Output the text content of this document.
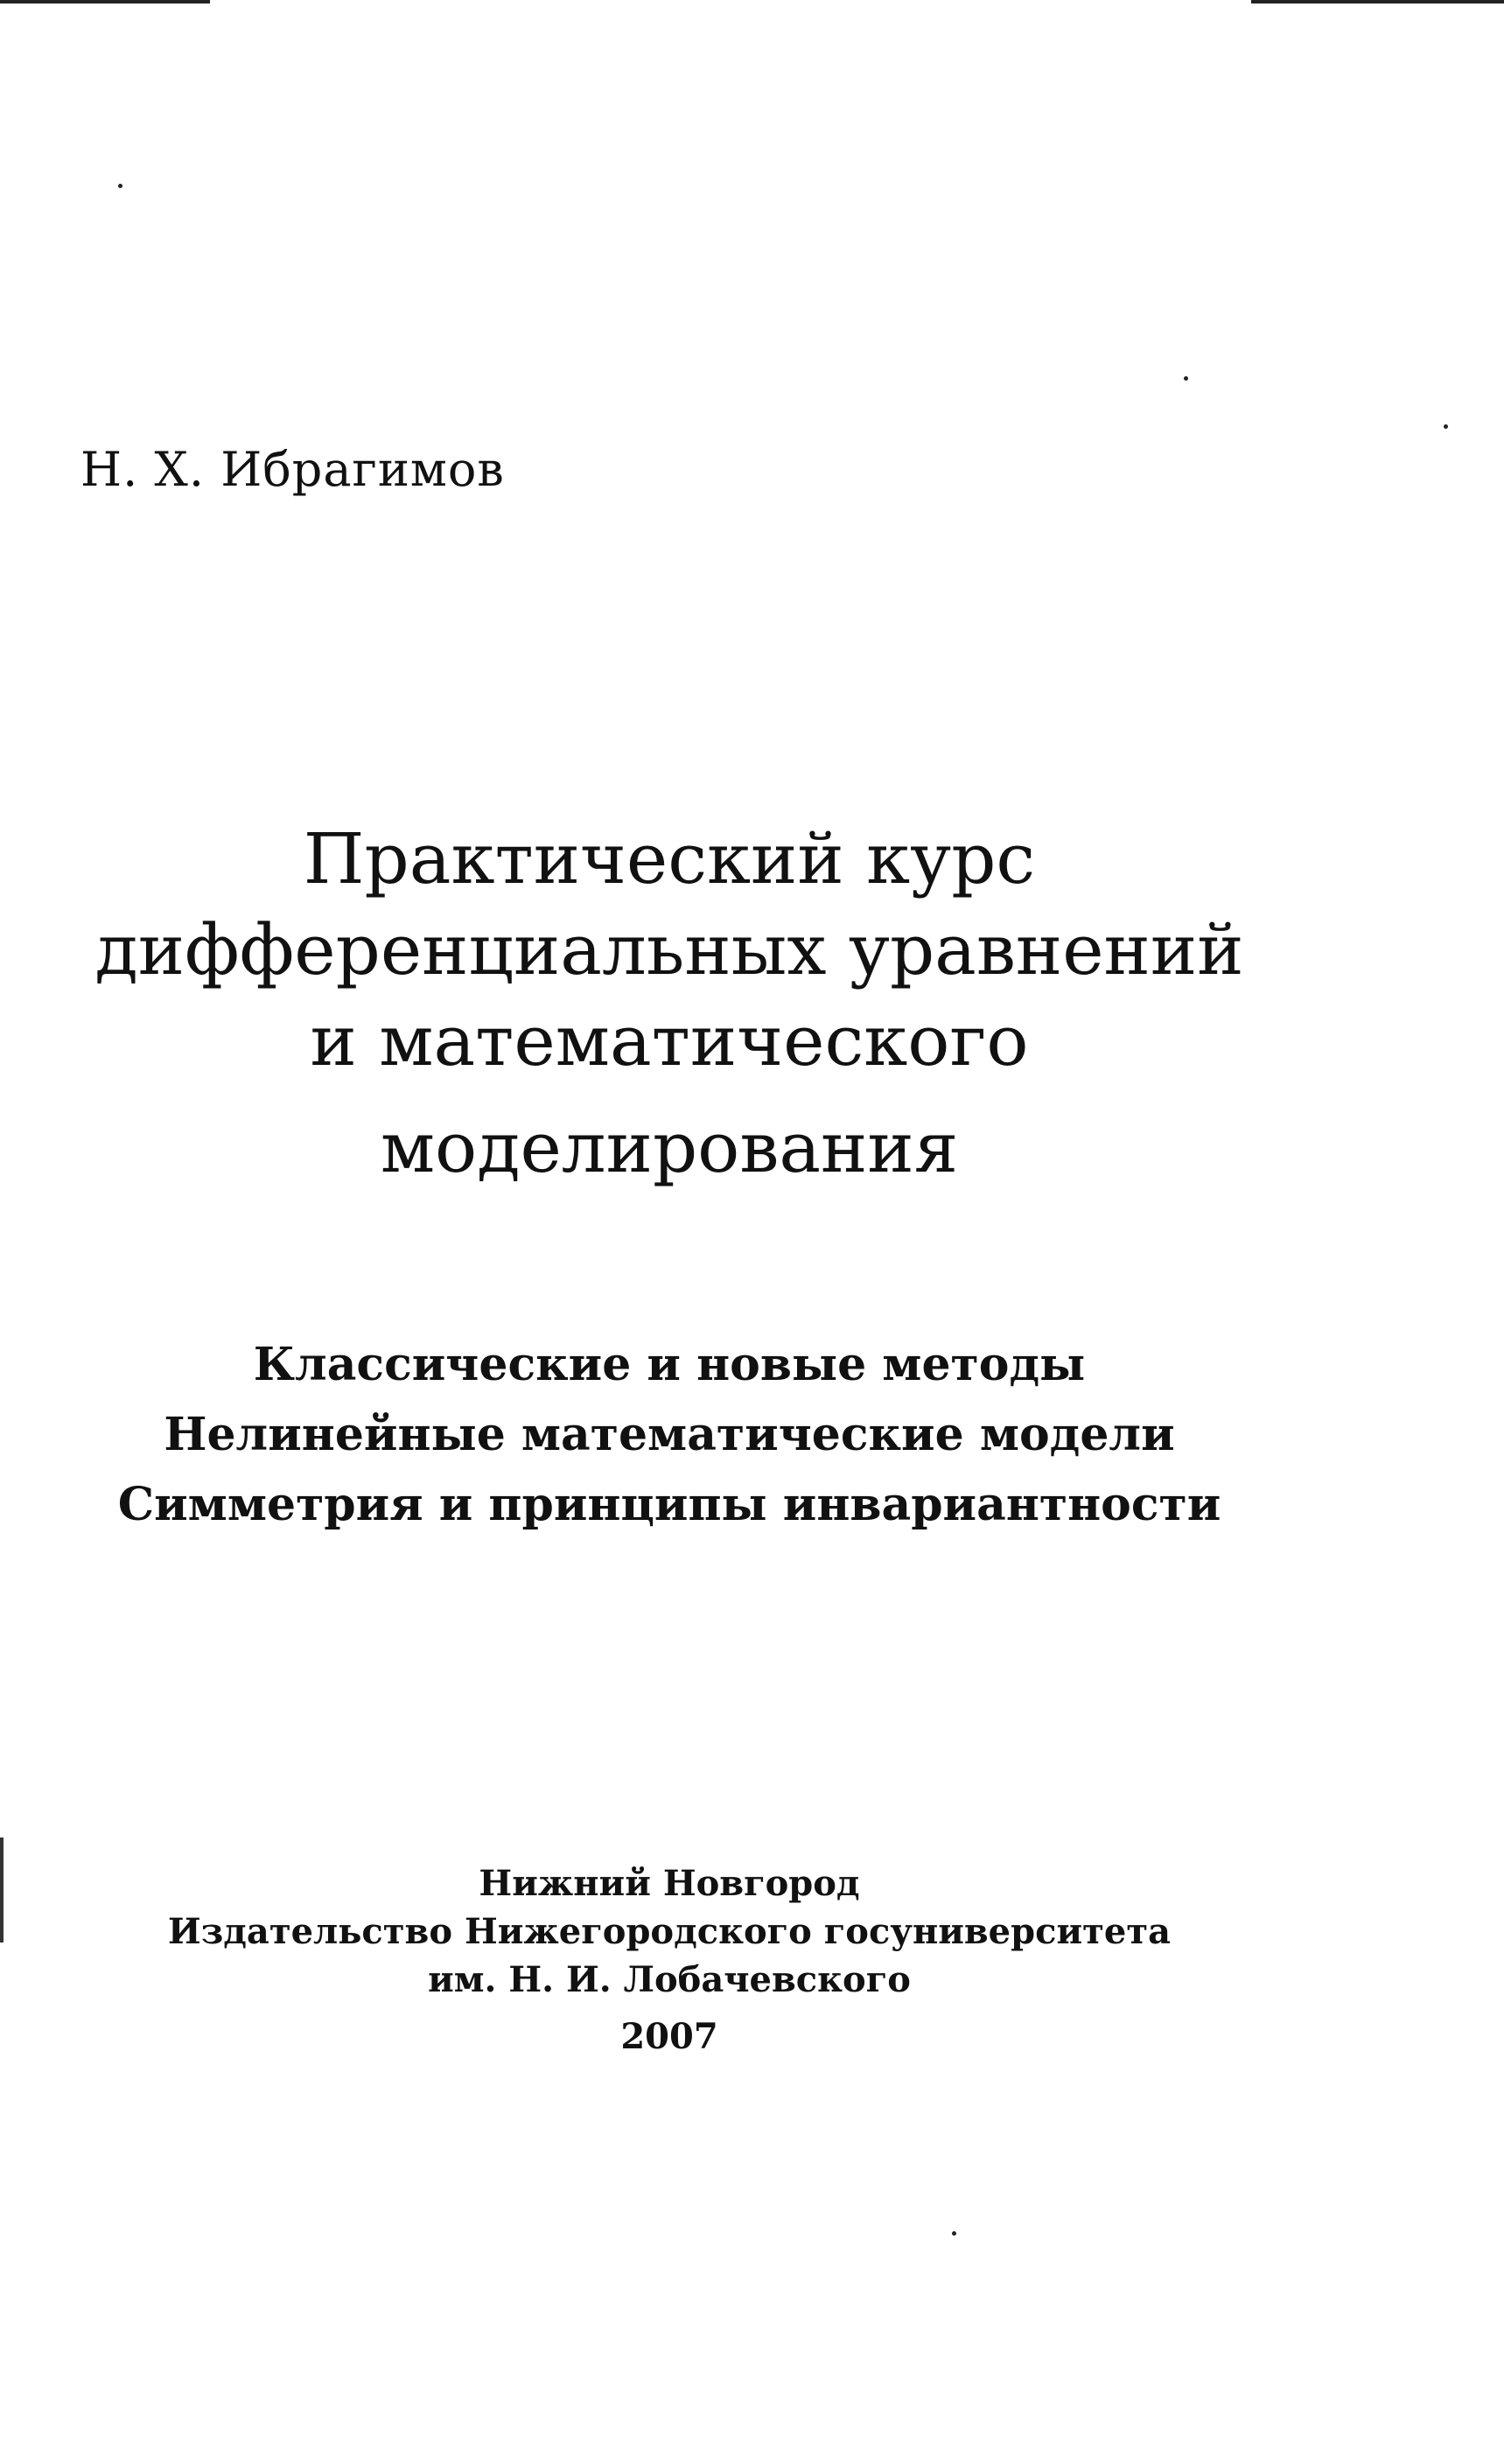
Н. Х. Ибрагимов
Практический курс
дифференциальных уравнений
и математического
моделирования
Классические и новые методы
Нелинейные математические модели
Симметрия и принципы инвариантности
Нижний Новгород
Издательство Нижегородского госуниверситета
им. Н. И. Лобачевского
2007
